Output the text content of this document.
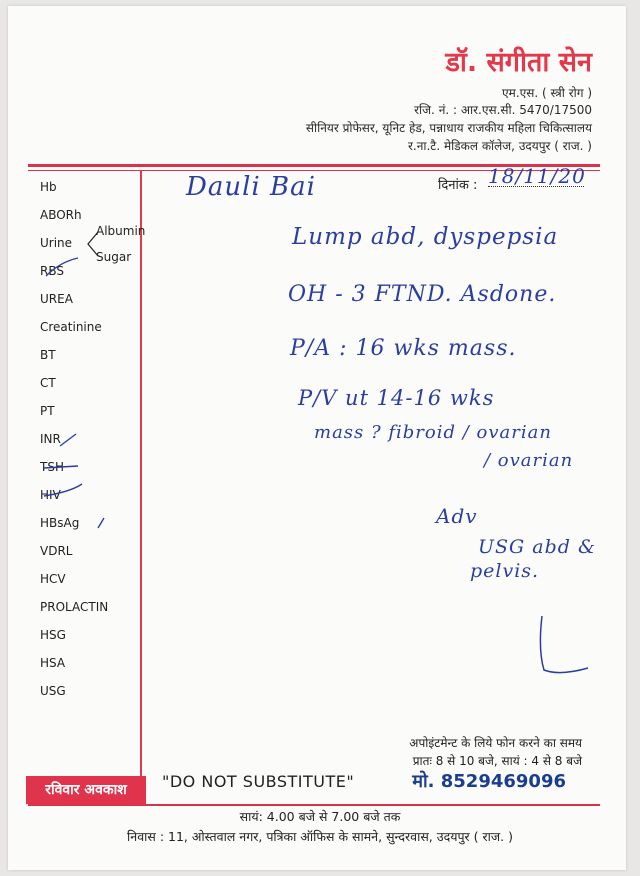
डॉ. संगीता सेन
एम.एस. ( स्त्री रोग )
रजि. नं. : आर.एस.सी. 5470/17500
सीनियर प्रोफेसर, यूनिट हेड, पन्नाधाय राजकीय महिला चिकित्सालय
र.ना.टै. मेडिकल कॉलेज, उदयपुर ( राज. )
दिनांक :
Hb
ABORh
Urine
Albumin
Sugar
RBS
UREA
Creatinine
BT
CT
PT
INR
TSH
HIV
HBsAg
VDRL
HCV
PROLACTIN
HSG
HSA
USG
18/11/20
Dauli Bai
Lump abd, dyspepsia
OH - 3 FTND. Asdone.
P/A : 16 wks mass.
P/V ut 14-16 wks
mass ? fibroid / ovarian
/ ovarian
Adv
USG abd &
pelvis.
अपोइंटमेन्ट के लिये फोन करने का समय
प्रातः 8 से 10 बजे, सायं : 4 से 8 बजे
मो. 8529469096
रविवार अवकाश	"DO NOT SUBSTITUTE"
सायं: 4.00 बजे से 7.00 बजे तक
निवास : 11, ओस्तवाल नगर, पत्रिका ऑफिस के सामने, सुन्दरवास, उदयपुर ( राज. )
